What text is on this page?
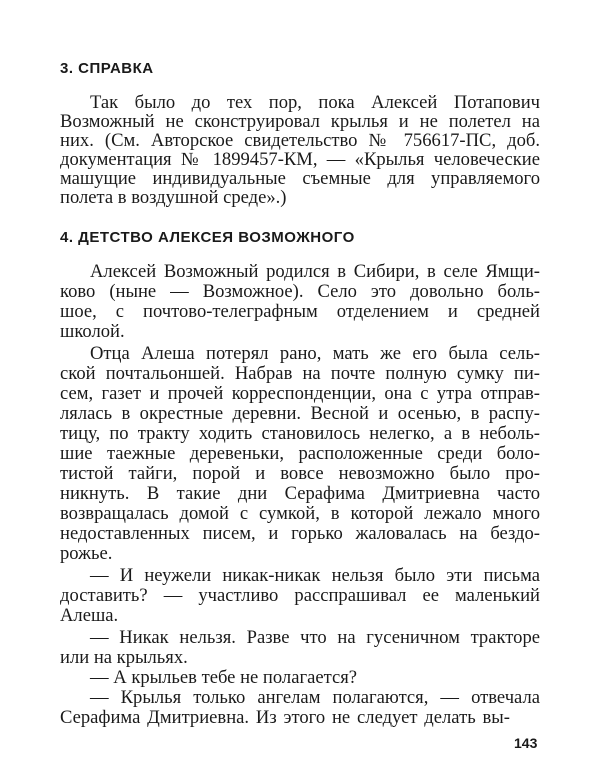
3. СПРАВКА
Так было до тех пор, пока Алексей Потапович
Возможный не сконструировал крылья и не полетел на
них. (См. Авторское свидетельство № 756617-ПС, доб.
документация № 1899457-КМ, — «Крылья человеческие
машущие индивидуальные съемные для управляемого
полета в воздушной среде».)
4. ДЕТСТВО АЛЕКСЕЯ ВОЗМОЖНОГО
Алексей Возможный родился в Сибири, в селе Ямщи-
ково (ныне — Возможное). Село это довольно боль-
шое, с почтово-телеграфным отделением и средней
школой.
Отца Алеша потерял рано, мать же его была сель-
ской почтальоншей. Набрав на почте полную сумку пи-
сем, газет и прочей корреспонденции, она с утра отправ-
лялась в окрестные деревни. Весной и осенью, в распу-
тицу, по тракту ходить становилось нелегко, а в неболь-
шие таежные деревеньки, расположенные среди боло-
тистой тайги, порой и вовсе невозможно было про-
никнуть. В такие дни Серафима Дмитриевна часто
возвращалась домой с сумкой, в которой лежало много
недоставленных писем, и горько жаловалась на бездо-
рожье.
— И неужели никак-никак нельзя было эти письма
доставить? — участливо расспрашивал ее маленький
Алеша.
— Никак нельзя. Разве что на гусеничном тракторе
или на крыльях.
— А крыльев тебе не полагается?
— Крылья только ангелам полагаются, — отвечала
Серафима Дмитриевна. Из этого не следует делать вы-
143
